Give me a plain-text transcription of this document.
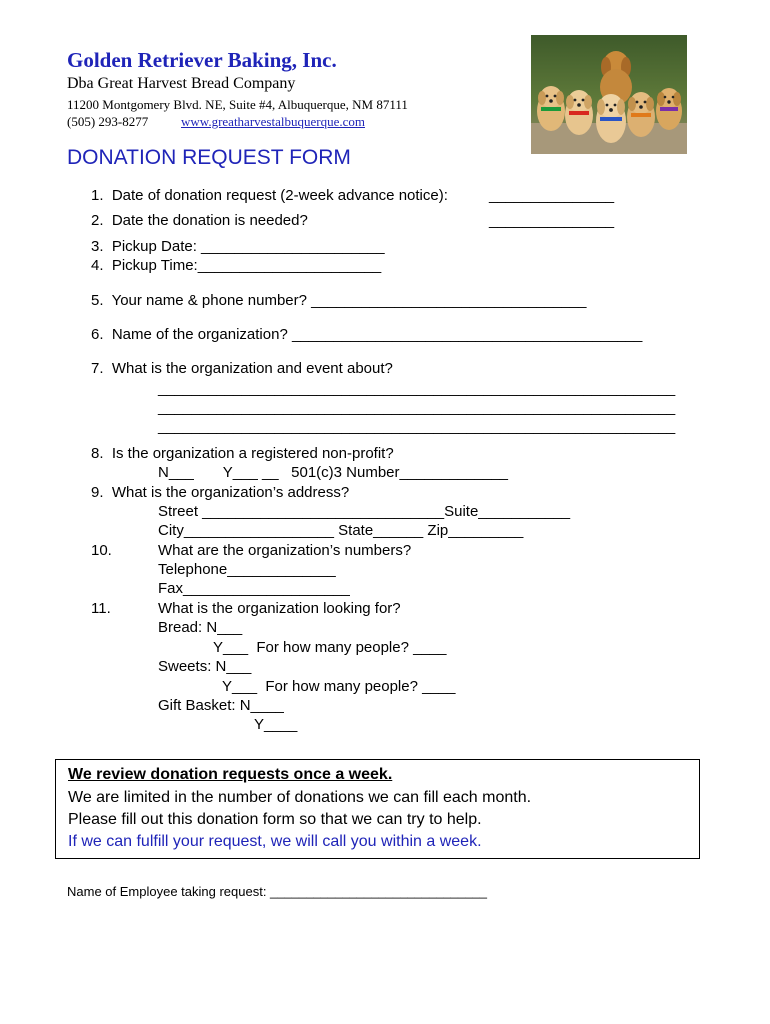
Golden Retriever Baking, Inc.
Dba Great Harvest Bread Company
11200 Montgomery Blvd. NE, Suite #4, Albuquerque, NM 87111
(505) 293-8277	www.greatharvestalbuquerque.com
DONATION REQUEST FORM
1.  Date of donation request (2-week advance notice):	_______________
2.  Date the donation is needed?	_______________
3.  Pickup Date: ______________________
4.  Pickup Time:______________________
5.  Your name & phone number? _________________________________
6.  Name of the organization? __________________________________________
7.  What is the organization and event about?
______________________________________________________________
______________________________________________________________
______________________________________________________________
8.  Is the organization a registered non-profit?
N___       Y___ __   501(c)3 Number_____________
9.  What is the organization’s address?
Street _____________________________Suite___________
City__________________ State______ Zip_________
10.	What are the organization’s numbers?
Telephone_____________
Fax____________________
11.	What is the organization looking for?
Bread: N___
Y___  For how many people? ____
Sweets: N___
Y___  For how many people? ____
Gift Basket: N____
Y____
We review donation requests once a week.
We are limited in the number of donations we can fill each month.
Please fill out this donation form so that we can try to help.
If we can fulfill your request, we will call you within a week.
Name of Employee taking request: ______________________________
